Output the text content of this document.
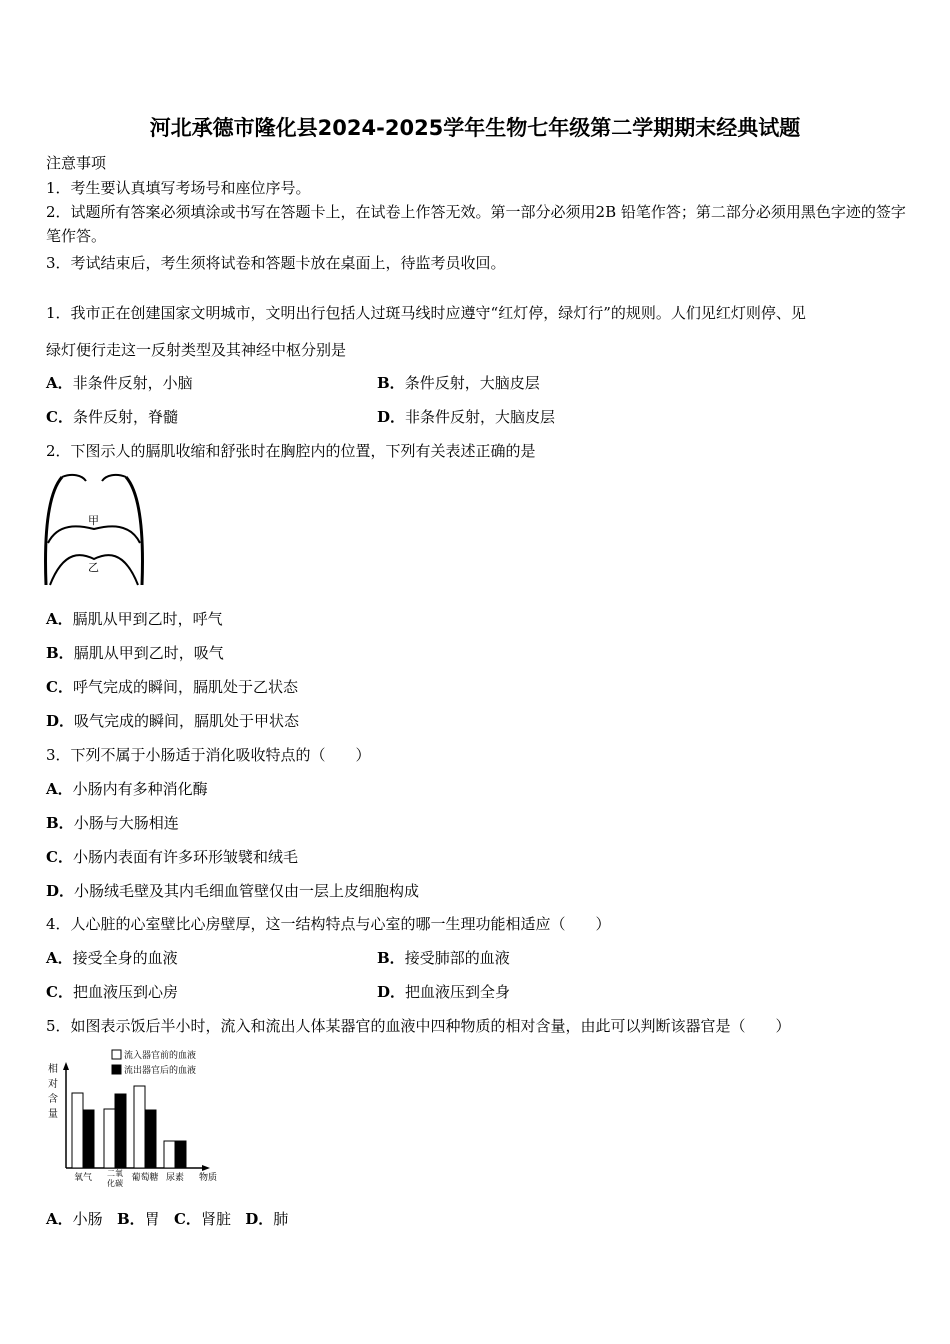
河北承德市隆化县2024-2025学年生物七年级第二学期期末经典试题
注意事项
1．考生要认真填写考场号和座位序号。
2．试题所有答案必须填涂或书写在答题卡上，在试卷上作答无效。第一部分必须用2B 铅笔作答；第二部分必须用黑色字迹的签字笔作答。
3．考试结束后，考生须将试卷和答题卡放在桌面上，待监考员收回。
1．我市正在创建国家文明城市，文明出行包括人过斑马线时应遵守“红灯停，绿灯行”的规则。人们见红灯则停、见
绿灯便行走这一反射类型及其神经中枢分别是
A．非条件反射，小脑	B．条件反射，大脑皮层
C．条件反射，脊髓	D．非条件反射，大脑皮层
2．下图示人的膈肌收缩和舒张时在胸腔内的位置，下列有关表述正确的是
甲
乙
A．膈肌从甲到乙时，呼气
B．膈肌从甲到乙时，吸气
C．呼气完成的瞬间，膈肌处于乙状态
D．吸气完成的瞬间，膈肌处于甲状态
3．下列不属于小肠适于消化吸收特点的（　　）
A．小肠内有多种消化酶
B．小肠与大肠相连
C．小肠内表面有许多环形皱襞和绒毛
D．小肠绒毛壁及其内毛细血管壁仅由一层上皮细胞构成
4．人心脏的心室壁比心房壁厚，这一结构特点与心室的哪一生理功能相适应（　　）
A．接受全身的血液	B．接受肺部的血液
C．把血液压到心房	D．把血液压到全身
5．如图表示饭后半小时，流入和流出人体某器官的血液中四种物质的相对含量，由此可以判断该器官是（　　）
相
对
含
量
流入器官前的血液
流出器官后的血液
氧气 二氧
化碳
葡萄糖 尿素 物质
A．小肠 B．胃 C．肾脏 D．肺
